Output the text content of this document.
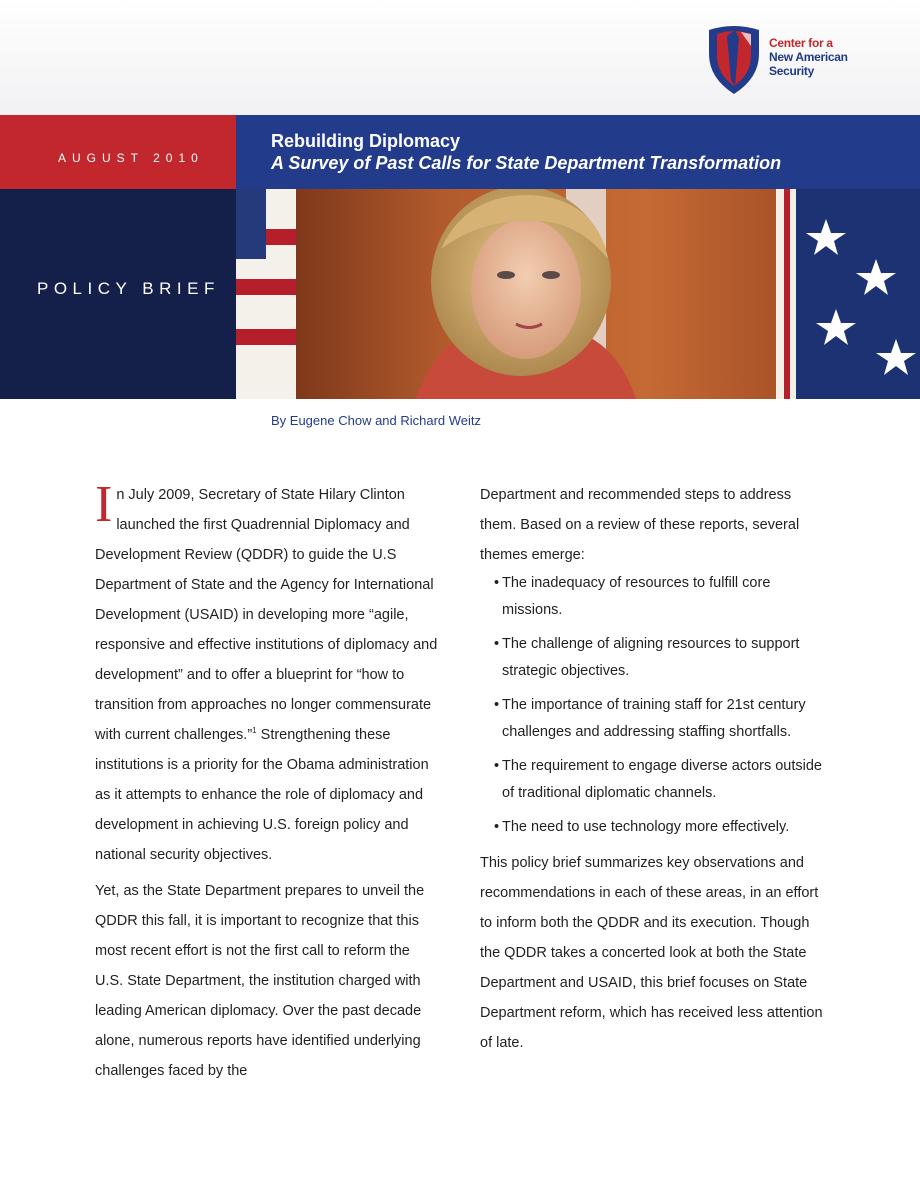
Center for a
New American
Security
AUGUST 2010
Rebuilding Diplomacy
A Survey of Past Calls for State Department Transformation
POLICY BRIEF
By Eugene Chow and Richard Weitz

In July 2009, Secretary of State Hilary Clinton launched the first Quadrennial Diplomacy and Development Review (QDDR) to guide the U.S Department of State and the Agency for International Development (USAID) in developing more “agile, responsive and effective institutions of diplomacy and development” and to offer a blueprint for “how to transition from approaches no longer commensurate with current challenges.”$^1$ Strengthening these institutions is a priority for the Obama administration as it attempts to enhance the role of diplomacy and development in achieving U.S. foreign policy and national security objectives.

Yet, as the State Department prepares to unveil the QDDR this fall, it is important to recognize that this most recent effort is not the first call to reform the U.S. State Department, the institution charged with leading American diplomacy. Over the past decade alone, numerous reports have identified underlying challenges faced by the

Department and recommended steps to address them. Based on a review of these reports, several themes emerge:

• The inadequacy of resources to fulfill core missions.
• The challenge of aligning resources to support strategic objectives.
• The importance of training staff for 21st century challenges and addressing staffing shortfalls.
• The requirement to engage diverse actors outside of traditional diplomatic channels.
• The need to use technology more effectively.

This policy brief summarizes key observations and recommendations in each of these areas, in an effort to inform both the QDDR and its execution. Though the QDDR takes a concerted look at both the State Department and USAID, this brief focuses on State Department reform, which has received less attention of late.
